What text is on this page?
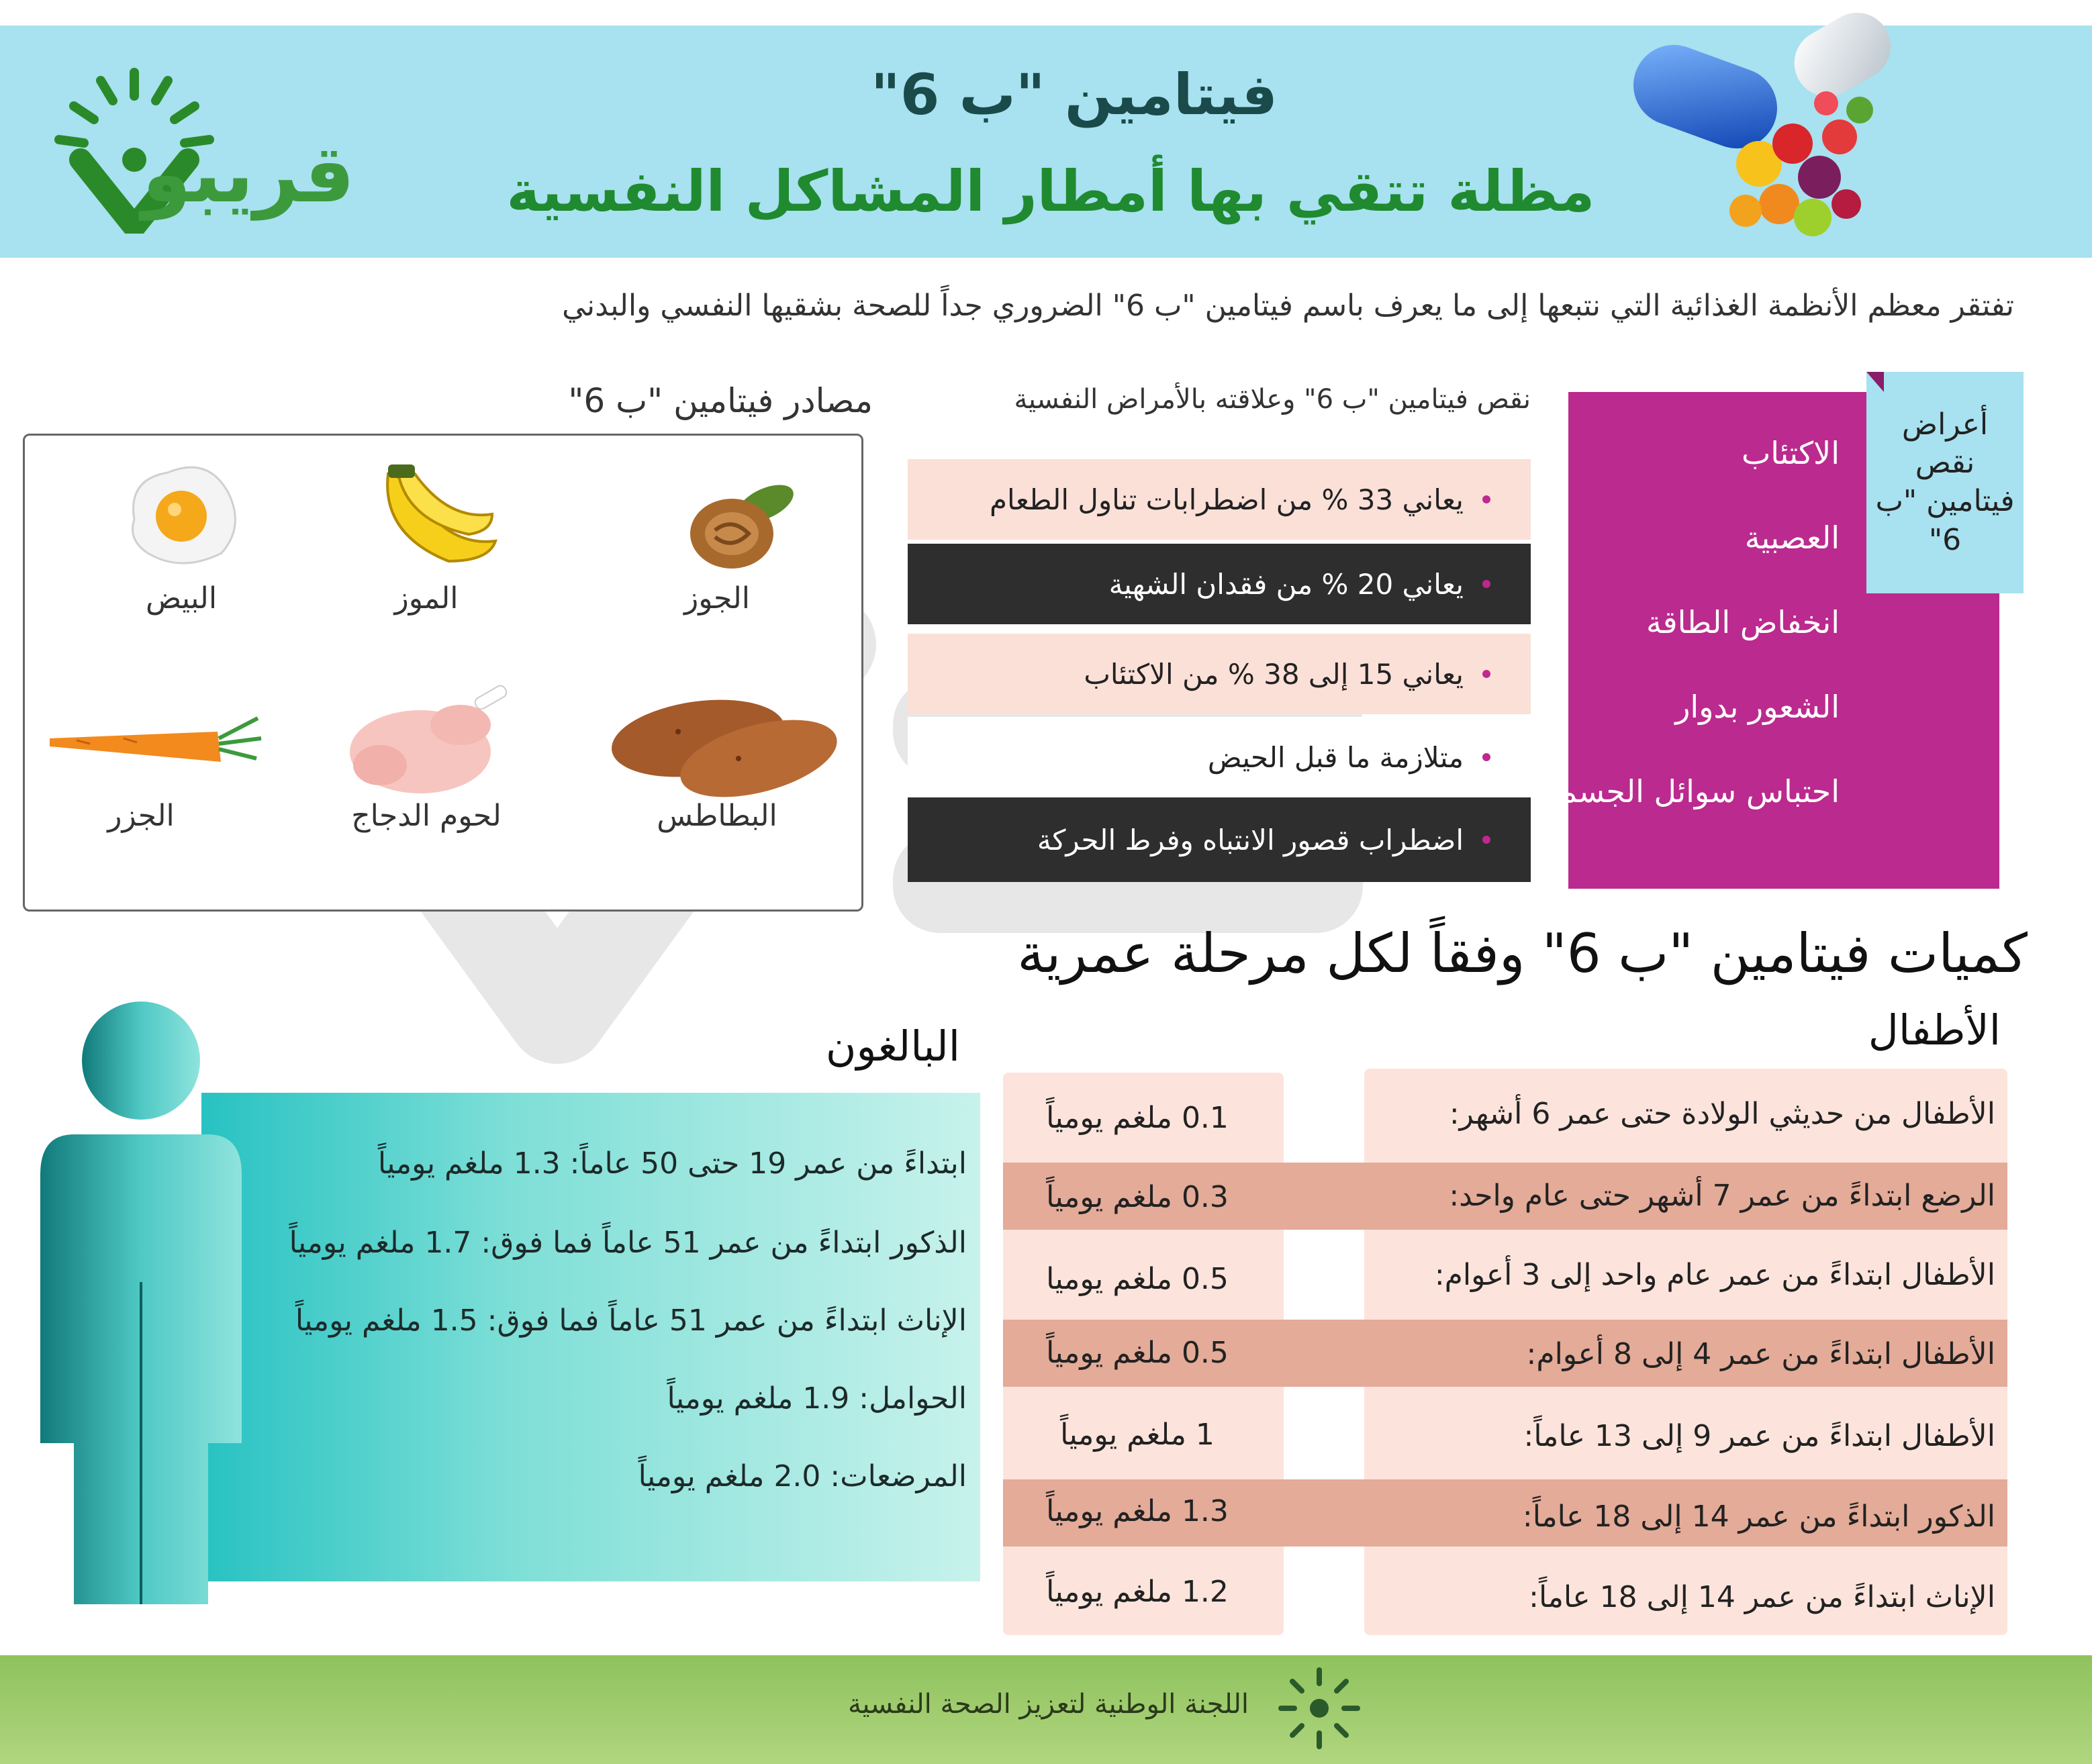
قريبو
فيتامين "ب 6"
مظلة تتقي بها أمطار المشاكل النفسية
تفتقر معظم الأنظمة الغذائية التي نتبعها إلى ما يعرف باسم فيتامين "ب 6" الضروري جداً للصحة بشقيها النفسي والبدني
مصادر فيتامين "ب 6"
الجوز
الموز
البيض
البطاطس
لحوم الدجاج
الجزر
نقص فيتامين "ب 6" وعلاقته بالأمراض النفسية
يعاني 33 % من اضطرابات تناول الطعام
يعاني 20 % من فقدان الشهية
يعاني 15 إلى 38 % من الاكتئاب
متلازمة ما قبل الحيض
اضطراب قصور الانتباه وفرط الحركة
الاكتئاب
العصبية
انخفاض الطاقة
الشعور بدوار
احتباس سوائل الجسم
أعراض نقص فيتامين "ب 6"
كميات فيتامين "ب 6" وفقاً لكل مرحلة عمرية
الأطفال
البالغون
الأطفال من حديثي الولادة حتى عمر 6 أشهر:
0.1 ملغم يومياً
الرضع ابتداءً من عمر 7 أشهر حتى عام واحد:
0.3 ملغم يومياً
الأطفال ابتداءً من عمر عام واحد إلى 3 أعوام:
0.5 ملغم يوميا
الأطفال ابتداءً من عمر 4 إلى 8 أعوام:
0.5 ملغم يومياً
الأطفال ابتداءً من عمر 9 إلى 13 عاماً:
1 ملغم يومياً
الذكور ابتداءً من عمر 14 إلى 18 عاماً:
1.3 ملغم يومياً
الإناث ابتداءً من عمر 14 إلى 18 عاماً:
1.2 ملغم يومياً
ابتداءً من عمر 19 حتى 50 عاماً: 1.3 ملغم يومياً
الذكور ابتداءً من عمر 51 عاماً فما فوق: 1.7 ملغم يومياً
الإناث ابتداءً من عمر 51 عاماً فما فوق: 1.5 ملغم يومياً
الحوامل: 1.9 ملغم يومياً
المرضعات: 2.0 ملغم يومياً
اللجنة الوطنية لتعزيز الصحة النفسية
